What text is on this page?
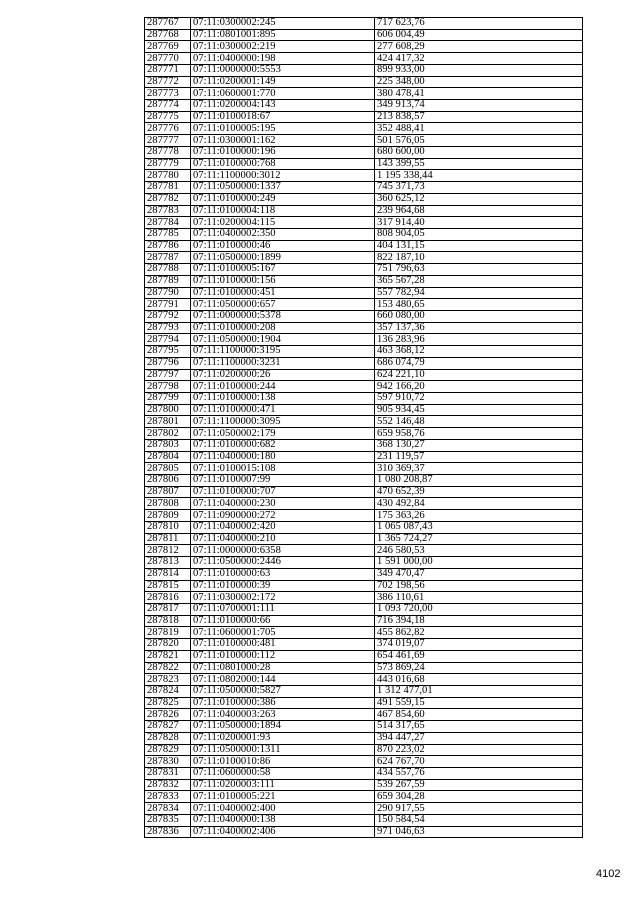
287767	07:11:0300002:245	717 623,76
287768	07:11:0801001:895	606 004,49
287769	07:11:0300002:219	277 608,29
287770	07:11:0400000:198	424 417,32
287771	07:11:0000000:5553	899 933,00
287772	07:11:0200001:149	225 348,00
287773	07:11:0600001:770	380 478,41
287774	07:11:0200004:143	349 913,74
287775	07:11:0100018:67	213 838,57
287776	07:11:0100005:195	352 488,41
287777	07:11:0300001:162	501 576,05
287778	07:11:0100000:196	680 600,00
287779	07:11:0100000:768	143 399,55
287780	07:11:1100000:3012	1 195 338,44
287781	07:11:0500000:1337	745 371,73
287782	07:11:0100000:249	360 625,12
287783	07:11:0100004:118	239 964,68
287784	07:11:0200004:115	317 914,40
287785	07:11:0400002:350	808 904,05
287786	07:11:0100000:46	404 131,15
287787	07:11:0500000:1899	822 187,10
287788	07:11:0100005:167	751 796,63
287789	07:11:0100000:156	365 567,28
287790	07:11:0100000:451	557 782,94
287791	07:11:0500000:657	153 480,65
287792	07:11:0000000:5378	660 080,00
287793	07:11:0100000:208	357 137,36
287794	07:11:0500000:1904	136 283,96
287795	07:11:1100000:3195	463 368,12
287796	07:11:1100000:3231	686 074,79
287797	07:11:0200000:26	624 221,10
287798	07:11:0100000:244	942 166,20
287799	07:11:0100000:138	597 910,72
287800	07:11:0100000:471	905 934,45
287801	07:11:1100000:3095	552 146,48
287802	07:11:0500002:179	659 958,76
287803	07:11:0100000:682	368 130,27
287804	07:11:0400000:180	231 119,57
287805	07:11:0100015:108	310 369,37
287806	07:11:0100007:99	1 080 208,87
287807	07:11:0100000:707	470 652,39
287808	07:11:0400000:230	430 492,84
287809	07:11:0900000:272	175 363,26
287810	07:11:0400002:420	1 065 087,43
287811	07:11:0400000:210	1 365 724,27
287812	07:11:0000000:6358	246 580,53
287813	07:11:0500000:2446	1 591 000,00
287814	07:11:0100000:63	349 470,47
287815	07:11:0100000:39	702 198,56
287816	07:11:0300002:172	386 110,61
287817	07:11:0700001:111	1 093 720,00
287818	07:11:0100000:66	716 394,18
287819	07:11:0600001:705	455 862,82
287820	07:11:0100000:481	374 019,07
287821	07:11:0100000:112	654 461,69
287822	07:11:0801000:28	573 869,24
287823	07:11:0802000:144	443 016,68
287824	07:11:0500000:5827	1 312 477,01
287825	07:11:0100000:386	491 559,15
287826	07:11:0400003:263	467 854,60
287827	07:11:0500000:1894	514 317,65
287828	07:11:0200001:93	394 447,27
287829	07:11:0500000:1311	870 223,02
287830	07:11:0100010:86	624 767,70
287831	07:11:0600000:58	434 557,76
287832	07:11:0200003:111	539 267,59
287833	07:11:0100005:221	659 304,28
287834	07:11:0400002:400	290 917,55
287835	07:11:0400000:138	150 584,54
287836	07:11:0400002:406	971 046,63
4102
